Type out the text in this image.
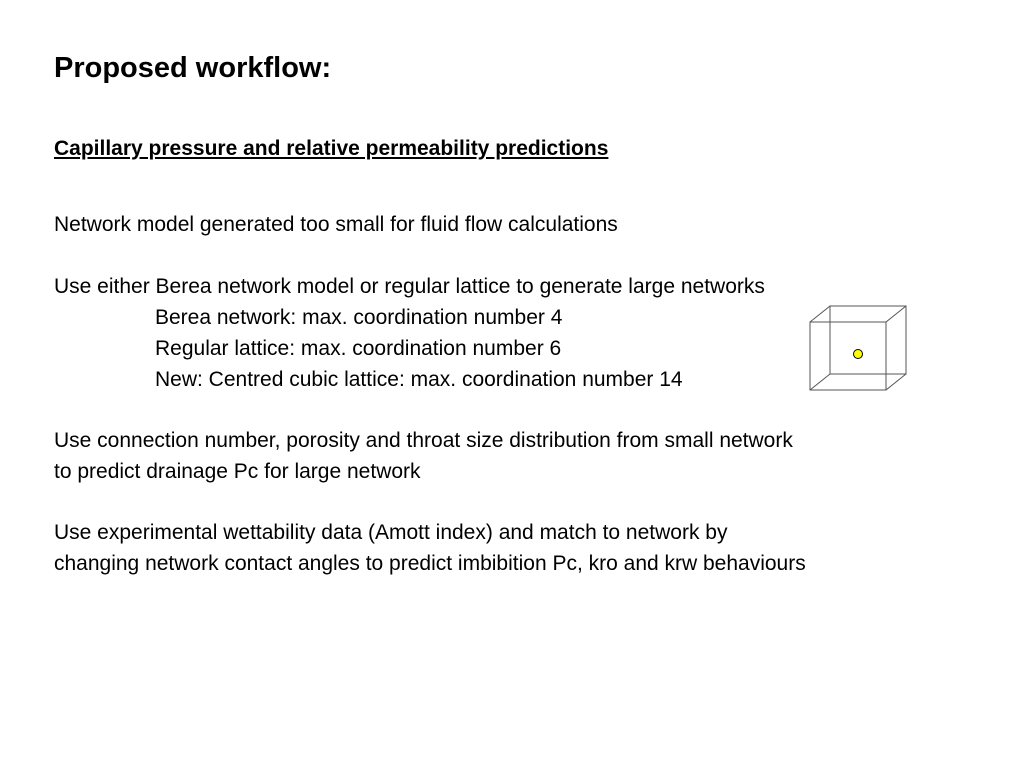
Proposed workflow:
Capillary pressure and relative permeability predictions

Network model generated too small for fluid flow calculations

Use either Berea network model or regular lattice to generate large networks

Berea network: max. coordination number 4

Regular lattice: max. coordination number 6

New: Centred cubic lattice: max. coordination number 14

Use connection number, porosity and throat size distribution from small network

to predict drainage Pc for large network

Use experimental wettability data (Amott index) and match to network by

changing network contact angles to predict imbibition Pc, kro and krw behaviours
